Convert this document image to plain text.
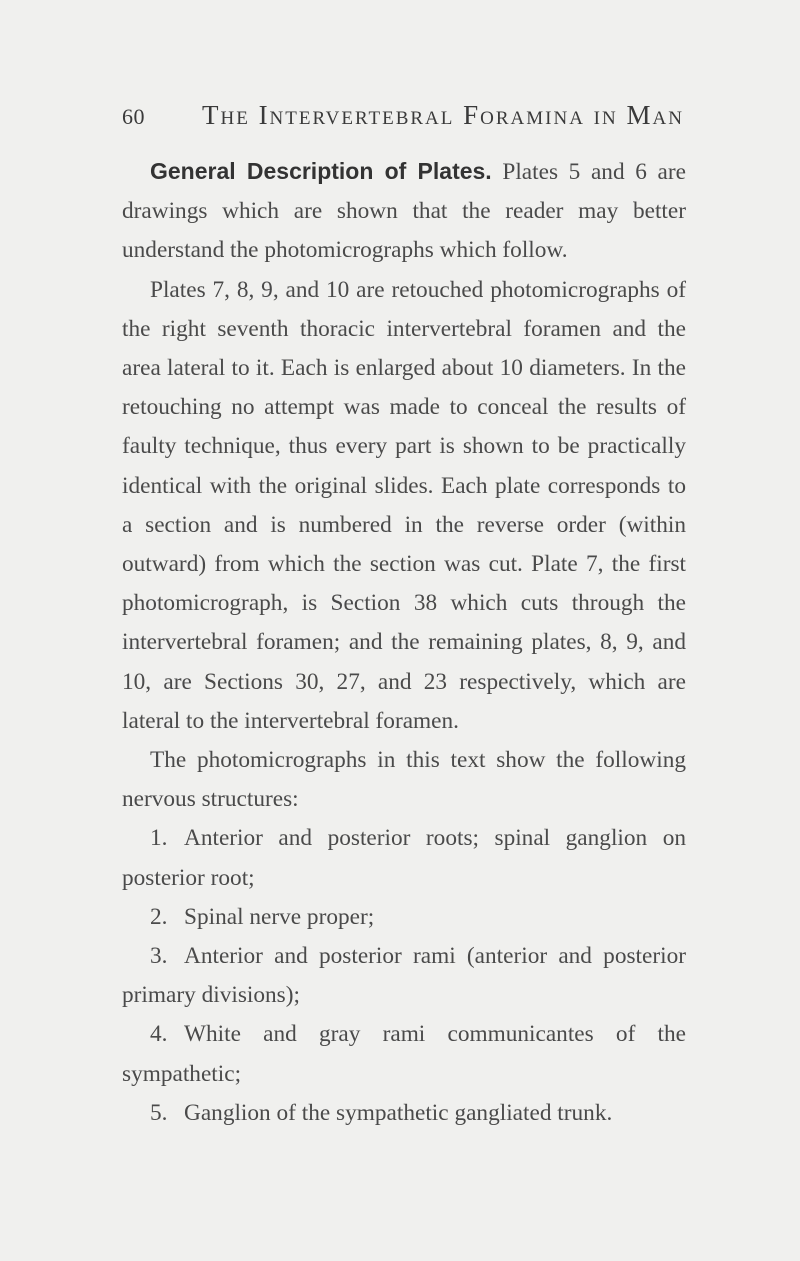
60 The Intervertebral Foramina in Man

General Description of Plates. Plates 5 and 6 are drawings which are shown that the reader may better understand the photomicrographs which follow.

Plates 7, 8, 9, and 10 are retouched photomicrographs of the right seventh thoracic intervertebral foramen and the area lateral to it. Each is enlarged about 10 diameters. In the retouching no attempt was made to conceal the results of faulty technique, thus every part is shown to be practically identical with the original slides. Each plate corresponds to a section and is numbered in the reverse order (within outward) from which the section was cut. Plate 7, the first photomicrograph, is Section 38 which cuts through the intervertebral foramen; and the remaining plates, 8, 9, and 10, are Sections 30, 27, and 23 respectively, which are lateral to the intervertebral foramen.

The photomicrographs in this text show the following nervous structures:

1. Anterior and posterior roots; spinal ganglion on posterior root;
2. Spinal nerve proper;
3. Anterior and posterior rami (anterior and posterior primary divisions);
4. White and gray rami communicantes of the sympathetic;
5. Ganglion of the sympathetic gangliated trunk.
